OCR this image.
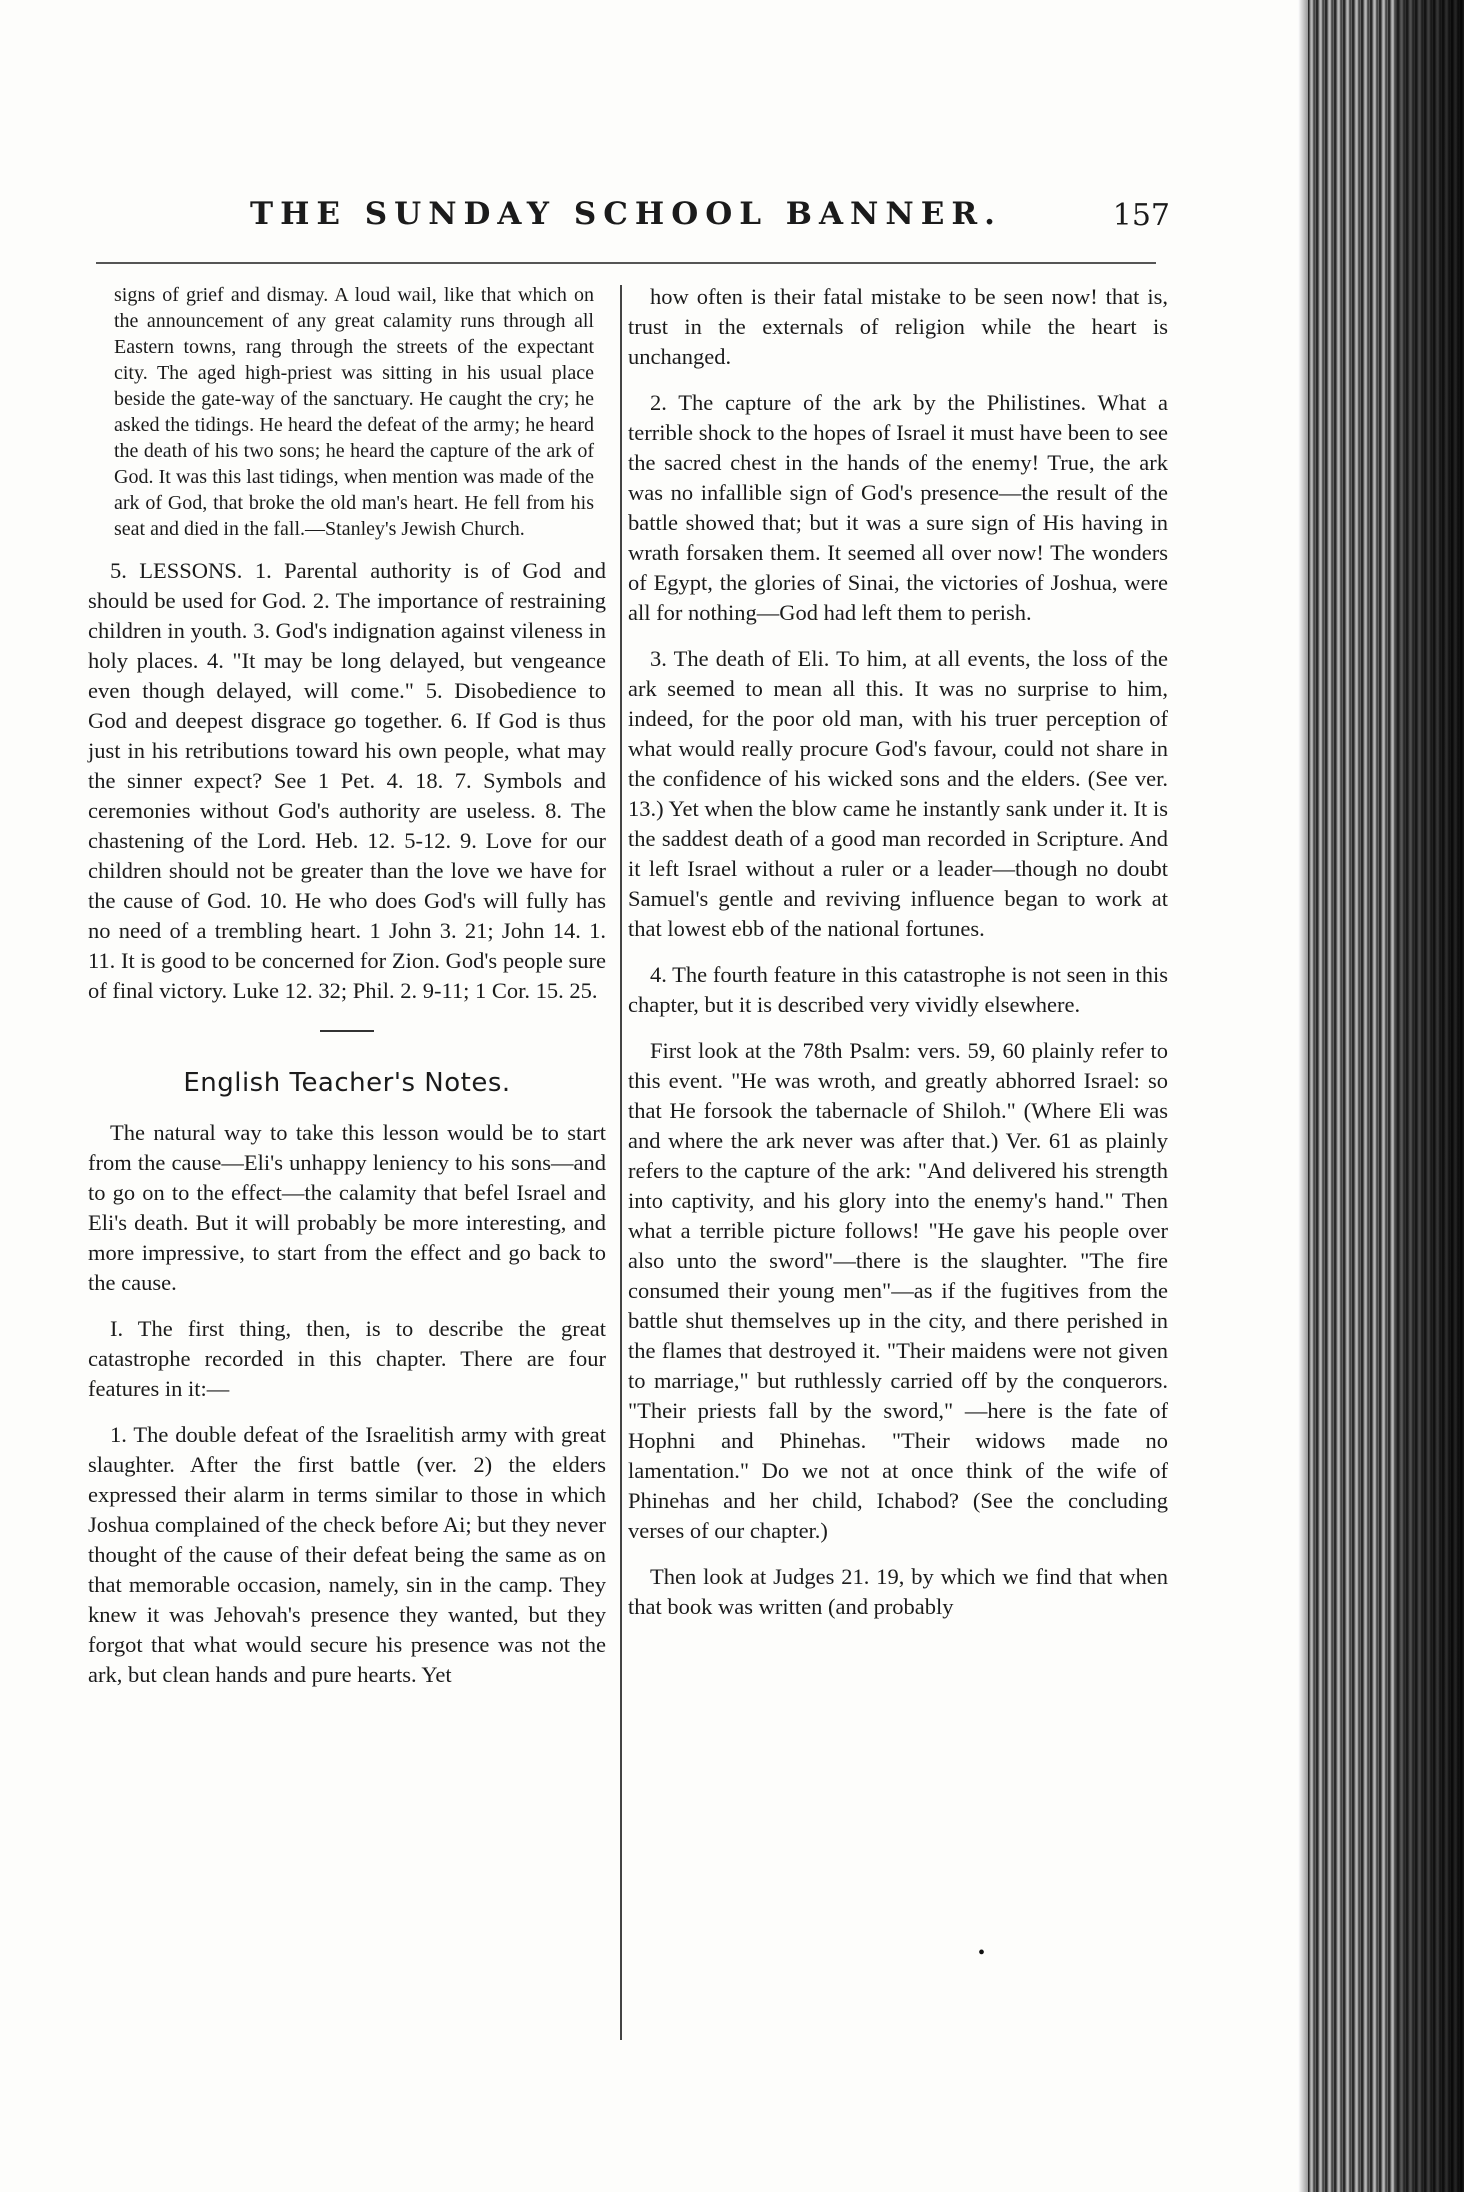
THE SUNDAY SCHOOL BANNER.	157

signs of grief and dismay. A loud wail, like that which on the announcement of any great calamity runs through all Eastern towns, rang through the streets of the expectant city. The aged high-priest was sitting in his usual place beside the gate-way of the sanctuary. He caught the cry; he asked the tidings. He heard the defeat of the army; he heard the death of his two sons; he heard the capture of the ark of God. It was this last tidings, when mention was made of the ark of God, that broke the old man's heart. He fell from his seat and died in the fall.—Stanley's Jewish Church.

5. LESSONS. 1. Parental authority is of God and should be used for God. 2. The importance of restraining children in youth. 3. God's indignation against vileness in holy places. 4. "It may be long delayed, but vengeance even though delayed, will come." 5. Disobedience to God and deepest disgrace go together. 6. If God is thus just in his retributions toward his own people, what may the sinner expect? See 1 Pet. 4. 18. 7. Symbols and ceremonies without God's authority are useless. 8. The chastening of the Lord. Heb. 12. 5-12. 9. Love for our children should not be greater than the love we have for the cause of God. 10. He who does God's will fully has no need of a trembling heart. 1 John 3. 21; John 14. 1. 11. It is good to be concerned for Zion. God's people sure of final victory. Luke 12. 32; Phil. 2. 9-11; 1 Cor. 15. 25.

English Teacher's Notes.

The natural way to take this lesson would be to start from the cause—Eli's unhappy leniency to his sons—and to go on to the effect—the calamity that befel Israel and Eli's death. But it will probably be more interesting, and more impressive, to start from the effect and go back to the cause.

I. The first thing, then, is to describe the great catastrophe recorded in this chapter. There are four features in it:—

1. The double defeat of the Israelitish army with great slaughter. After the first battle (ver. 2) the elders expressed their alarm in terms similar to those in which Joshua complained of the check before Ai; but they never thought of the cause of their defeat being the same as on that memorable occasion, namely, sin in the camp. They knew it was Jehovah's presence they wanted, but they forgot that what would secure his presence was not the ark, but clean hands and pure hearts. Yet

how often is their fatal mistake to be seen now! that is, trust in the externals of religion while the heart is unchanged.

2. The capture of the ark by the Philistines. What a terrible shock to the hopes of Israel it must have been to see the sacred chest in the hands of the enemy! True, the ark was no infallible sign of God's presence—the result of the battle showed that; but it was a sure sign of His having in wrath forsaken them. It seemed all over now! The wonders of Egypt, the glories of Sinai, the victories of Joshua, were all for nothing—God had left them to perish.

3. The death of Eli. To him, at all events, the loss of the ark seemed to mean all this. It was no surprise to him, indeed, for the poor old man, with his truer perception of what would really procure God's favour, could not share in the confidence of his wicked sons and the elders. (See ver. 13.) Yet when the blow came he instantly sank under it. It is the saddest death of a good man recorded in Scripture. And it left Israel without a ruler or a leader—though no doubt Samuel's gentle and reviving influence began to work at that lowest ebb of the national fortunes.

4. The fourth feature in this catastrophe is not seen in this chapter, but it is described very vividly elsewhere.

First look at the 78th Psalm: vers. 59, 60 plainly refer to this event. "He was wroth, and greatly abhorred Israel: so that He forsook the tabernacle of Shiloh." (Where Eli was and where the ark never was after that.) Ver. 61 as plainly refers to the capture of the ark: "And delivered his strength into captivity, and his glory into the enemy's hand." Then what a terrible picture follows! "He gave his people over also unto the sword"—there is the slaughter. "The fire consumed their young men"—as if the fugitives from the battle shut themselves up in the city, and there perished in the flames that destroyed it. "Their maidens were not given to marriage," but ruthlessly carried off by the conquerors. "Their priests fall by the sword," —here is the fate of Hophni and Phinehas. "Their widows made no lamentation." Do we not at once think of the wife of Phinehas and her child, Ichabod? (See the concluding verses of our chapter.)

Then look at Judges 21. 19, by which we find that when that book was written (and probably

•
